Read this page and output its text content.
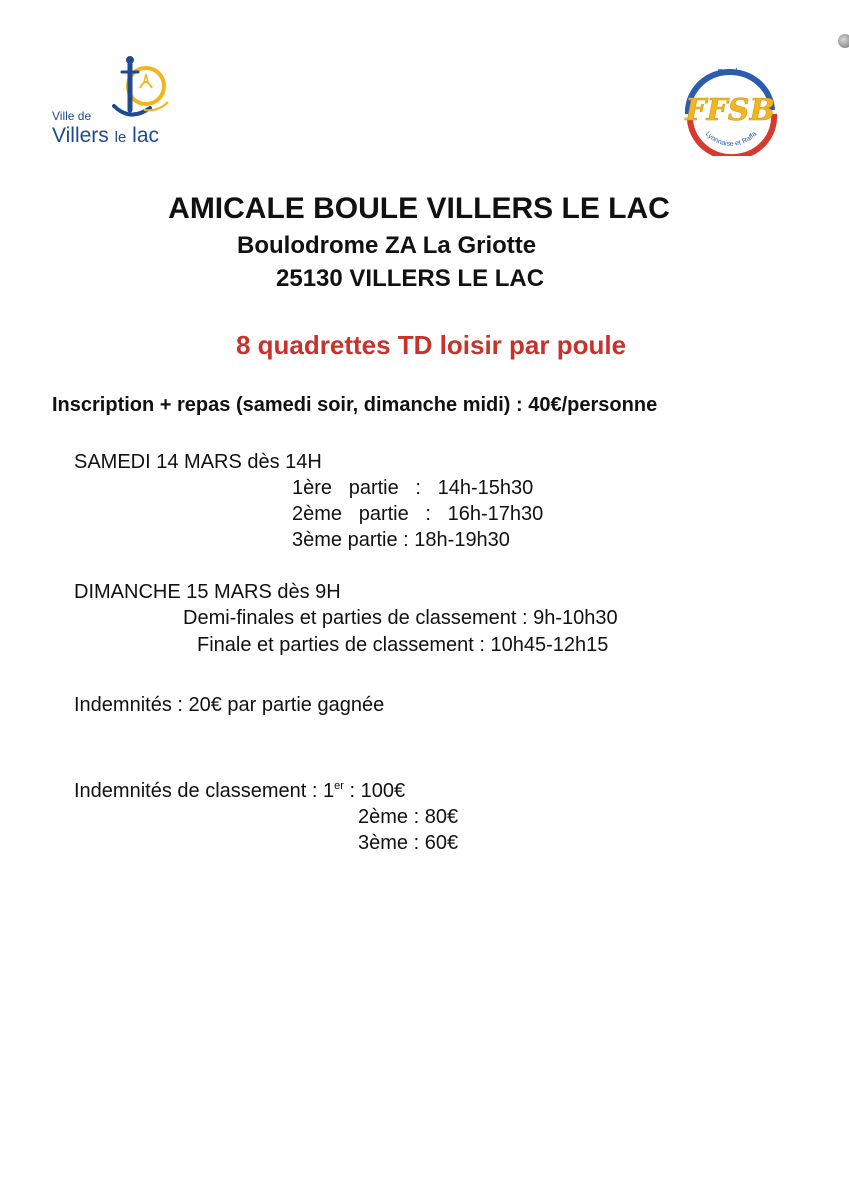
Ville de
Villers le lac
Boule
Lyonnaise et Raffa
FFSB
AMICALE BOULE VILLERS LE LAC
Boulodrome ZA La Griotte
25130 VILLERS LE LAC
8 quadrettes TD loisir par poule
Inscription + repas (samedi soir, dimanche midi) : 40€/personne
SAMEDI 14 MARS dès 14H
1ère   partie   :   14h-15h30
2ème   partie   :   16h-17h30
3ème partie : 18h-19h30
DIMANCHE 15 MARS dès 9H
Demi-finales et parties de classement : 9h-10h30
Finale et parties de classement : 10h45-12h15
Indemnités : 20€ par partie gagnée
Indemnités de classement : 1er : 100€
2ème : 80€
3ème : 60€
